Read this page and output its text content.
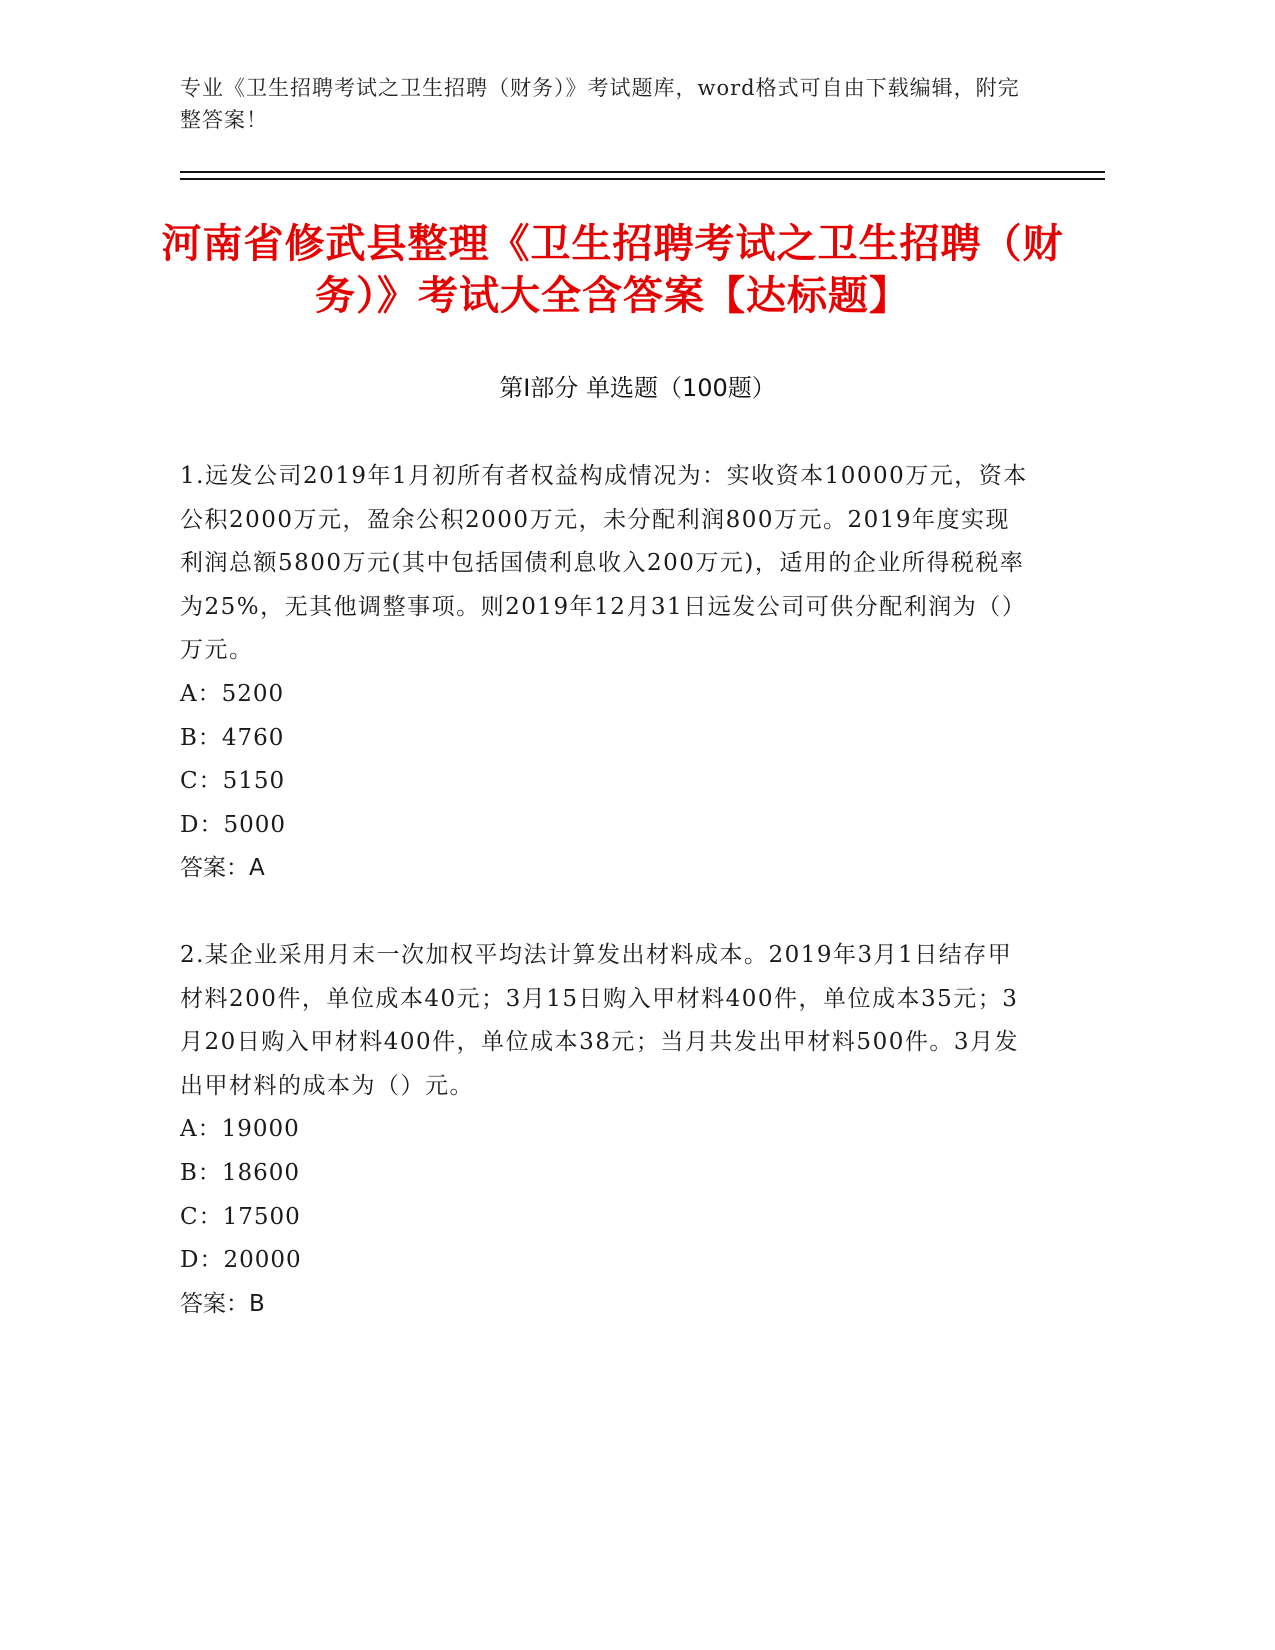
专业《卫生招聘考试之卫生招聘（财务）》考试题库，word格式可自由下载编辑，附完整答案！
河南省修武县整理《卫生招聘考试之卫生招聘（财务）》考试大全含答案【达标题】
第I部分 单选题（100题）

1.远发公司2019年1月初所有者权益构成情况为：实收资本10000万元，资本公积2000万元，盈余公积2000万元，未分配利润800万元。2019年度实现利润总额5800万元(其中包括国债利息收入200万元)，适用的企业所得税税率为25%，无其他调整事项。则2019年12月31日远发公司可供分配利润为（）万元。

A：5200

B：4760

C：5150

D：5000

答案：A

2.某企业采用月末一次加权平均法计算发出材料成本。2019年3月1日结存甲材料200件，单位成本40元；3月15日购入甲材料400件，单位成本35元；3月20日购入甲材料400件，单位成本38元；当月共发出甲材料500件。3月发出甲材料的成本为（）元。

A：19000

B：18600

C：17500

D：20000

答案：B
